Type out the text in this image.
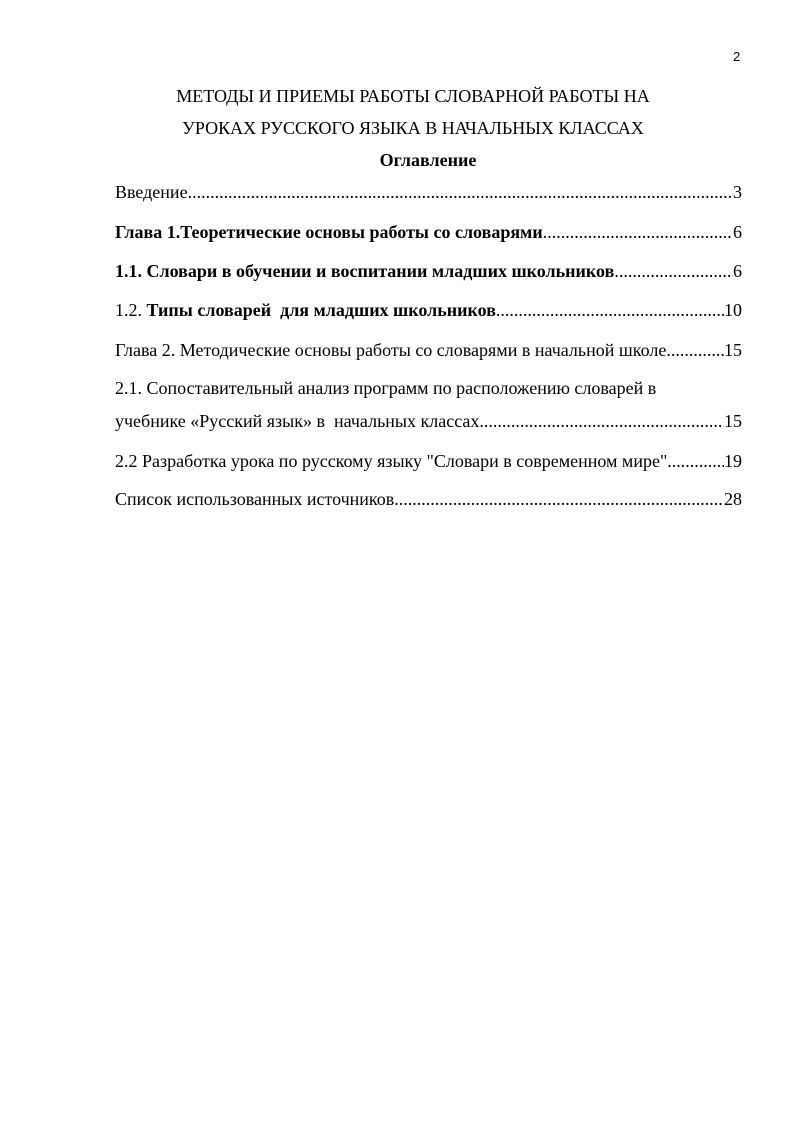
2
МЕТОДЫ И ПРИЕМЫ РАБОТЫ СЛОВАРНОЙ РАБОТЫ НА
УРОКАХ РУССКОГО ЯЗЫКА В НАЧАЛЬНЫХ КЛАССАХ
Оглавление
Введение .....	3
Глава 1.Теоретические основы работы со словарями .....	6
1.1. Словари в обучении и воспитании младших школьников .....	6
1.2. Типы словарей  для младших школьников .....	10
Глава 2. Методические основы работы со словарями в начальной школе .....	15
2.1. Сопоставительный анализ программ по расположению словарей в
учебнике «Русский язык» в  начальных классах .....	15
2.2 Разработка урока по русскому языку "Словари в современном мире" .....	19
Список использованных источников .....	28
